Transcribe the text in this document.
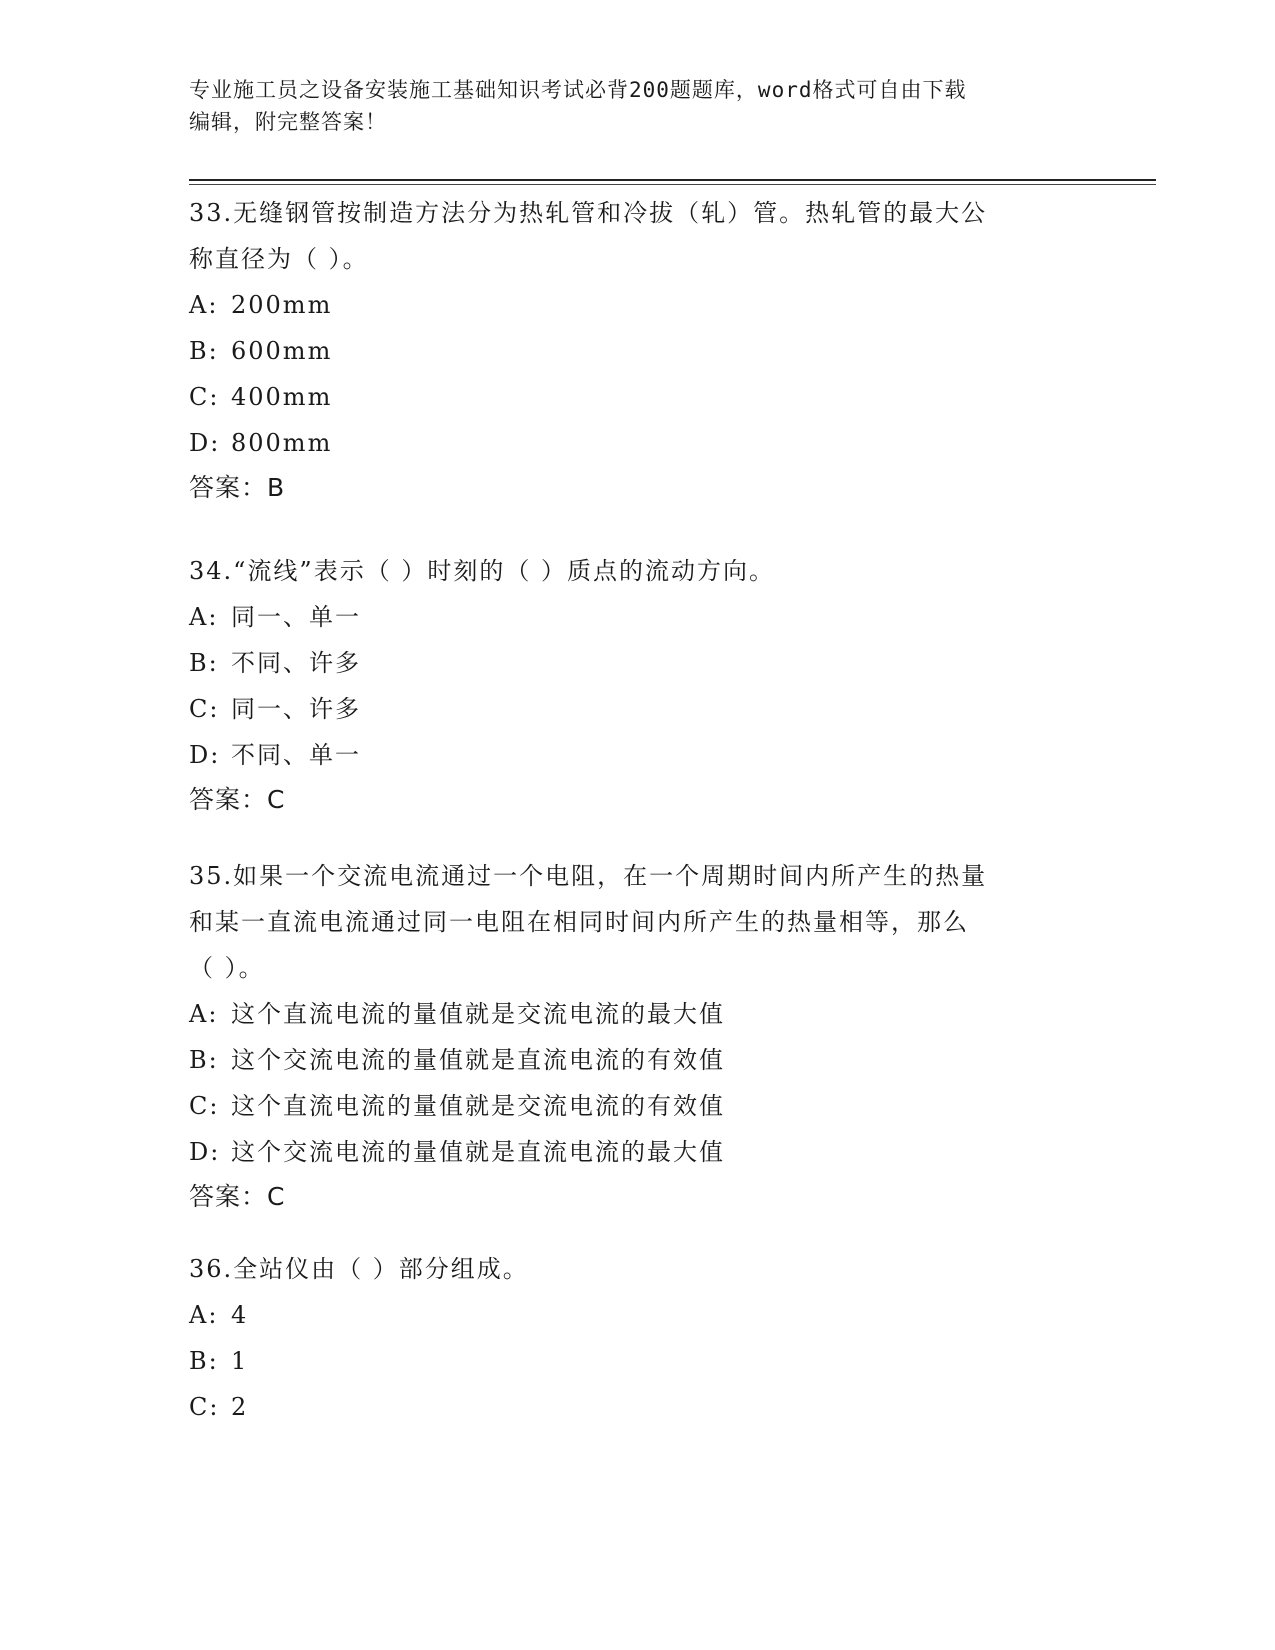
专业施工员之设备安装施工基础知识考试必背200题题库，word格式可自由下载
编辑，附完整答案！
33.无缝钢管按制造方法分为热轧管和冷拔（轧）管。热轧管的最大公
称直径为（ ）。
A: 200mm
B: 600mm
C: 400mm
D: 800mm
答案：B
34.“流线”表示（ ）时刻的（ ）质点的流动方向。
A: 同一、单一
B: 不同、许多
C: 同一、许多
D: 不同、单一
答案：C
35.如果一个交流电流通过一个电阻，在一个周期时间内所产生的热量
和某一直流电流通过同一电阻在相同时间内所产生的热量相等，那么
（ ）。
A: 这个直流电流的量值就是交流电流的最大值
B: 这个交流电流的量值就是直流电流的有效值
C: 这个直流电流的量值就是交流电流的有效值
D: 这个交流电流的量值就是直流电流的最大值
答案：C
36.全站仪由（ ）部分组成。
A: 4
B: 1
C: 2
